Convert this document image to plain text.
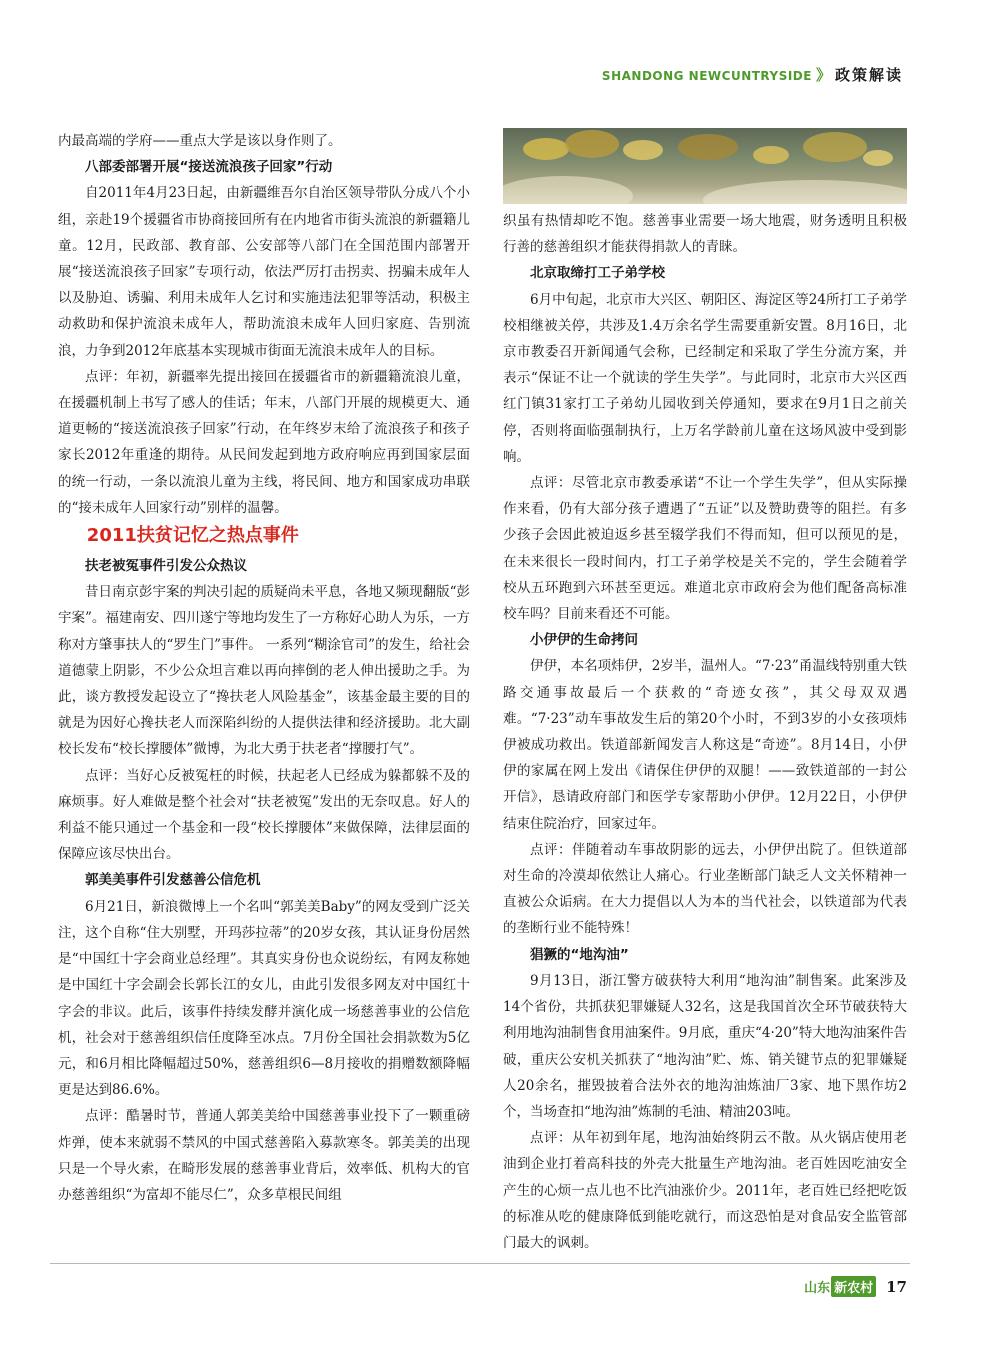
SHANDONG NEWCUNTRYSIDE 》 政策解读

内最高端的学府——重点大学是该以身作则了。

八部委部署开展“接送流浪孩子回家”行动

自2011年4月23日起，由新疆维吾尔自治区领导带队分成八个小组，亲赴19个援疆省市协商接回所有在内地省市街头流浪的新疆籍儿童。12月，民政部、教育部、公安部等八部门在全国范围内部署开展“接送流浪孩子回家”专项行动，依法严厉打击拐卖、拐骗未成年人以及胁迫、诱骗、利用未成年人乞讨和实施违法犯罪等活动，积极主动救助和保护流浪未成年人，帮助流浪未成年人回归家庭、告别流浪，力争到2012年底基本实现城市街面无流浪未成年人的目标。

点评：年初，新疆率先提出接回在援疆省市的新疆籍流浪儿童，在援疆机制上书写了感人的佳话；年末，八部门开展的规模更大、通道更畅的“接送流浪孩子回家”行动，在年终岁末给了流浪孩子和孩子家长2012年重逢的期待。从民间发起到地方政府响应再到国家层面的统一行动，一条以流浪儿童为主线，将民间、地方和国家成功串联的“接未成年人回家行动”别样的温馨。

2011扶贫记忆之热点事件
扶老被冤事件引发公众热议

昔日南京彭宇案的判决引起的质疑尚未平息，各地又频现翻版“彭宇案”。福建南安、四川遂宁等地均发生了一方称好心助人为乐，一方称对方肇事扶人的“罗生门”事件。 一系列“糊涂官司”的发生，给社会道德蒙上阴影，不少公众坦言难以再向摔倒的老人伸出援助之手。为此，谈方教授发起设立了“搀扶老人风险基金”，该基金最主要的目的就是为因好心搀扶老人而深陷纠纷的人提供法律和经济援助。北大副校长发布“校长撑腰体”微博，为北大勇于扶老者“撑腰打气”。

点评：当好心反被冤枉的时候，扶起老人已经成为躲都躲不及的麻烦事。好人难做是整个社会对“扶老被冤”发出的无奈叹息。好人的利益不能只通过一个基金和一段“校长撑腰体”来做保障，法律层面的保障应该尽快出台。

郭美美事件引发慈善公信危机

6月21日，新浪微博上一个名叫“郭美美Baby”的网友受到广泛关注，这个自称“住大别墅，开玛莎拉蒂”的20岁女孩，其认证身份居然是“中国红十字会商业总经理”。其真实身份也众说纷纭，有网友称她是中国红十字会副会长郭长江的女儿，由此引发很多网友对中国红十字会的非议。此后，该事件持续发酵并演化成一场慈善事业的公信危机，社会对于慈善组织信任度降至冰点。7月份全国社会捐款数为5亿元，和6月相比降幅超过50%，慈善组织6—8月接收的捐赠数额降幅更是达到86.6%。

点评：酷暑时节，普通人郭美美给中国慈善事业投下了一颗重磅炸弹，使本来就弱不禁风的中国式慈善陷入募款寒冬。郭美美的出现只是一个导火索，在畸形发展的慈善事业背后，效率低、机构大的官办慈善组织“为富却不能尽仁”，众多草根民间组

织虽有热情却吃不饱。慈善事业需要一场大地震，财务透明且积极行善的慈善组织才能获得捐款人的青睐。

北京取缔打工子弟学校

6月中旬起，北京市大兴区、朝阳区、海淀区等24所打工子弟学校相继被关停，共涉及1.4万余名学生需要重新安置。8月16日，北京市教委召开新闻通气会称，已经制定和采取了学生分流方案，并表示“保证不让一个就读的学生失学”。与此同时，北京市大兴区西红门镇31家打工子弟幼儿园收到关停通知，要求在9月1日之前关停，否则将面临强制执行，上万名学龄前儿童在这场风波中受到影响。

点评：尽管北京市教委承诺“不让一个学生失学”，但从实际操作来看，仍有大部分孩子遭遇了“五证”以及赞助费等的阻拦。有多少孩子会因此被迫返乡甚至辍学我们不得而知，但可以预见的是，在未来很长一段时间内，打工子弟学校是关不完的，学生会随着学校从五环跑到六环甚至更远。难道北京市政府会为他们配备高标准校车吗？目前来看还不可能。

小伊伊的生命拷问

伊伊，本名项炜伊，2岁半，温州人。“7·23”甬温线特别重大铁路交通事故最后一个获救的“奇迹女孩”，其父母双双遇难。“7·23”动车事故发生后的第20个小时，不到3岁的小女孩项炜伊被成功救出。铁道部新闻发言人称这是“奇迹”。8月14日，小伊伊的家属在网上发出《请保住伊伊的双腿！——致铁道部的一封公开信》，恳请政府部门和医学专家帮助小伊伊。12月22日，小伊伊结束住院治疗，回家过年。

点评：伴随着动车事故阴影的远去，小伊伊出院了。但铁道部对生命的冷漠却依然让人痛心。行业垄断部门缺乏人文关怀精神一直被公众诟病。在大力提倡以人为本的当代社会，以铁道部为代表的垄断行业不能特殊！

猖獗的“地沟油”

9月13日，浙江警方破获特大利用“地沟油”制售案。此案涉及14个省份，共抓获犯罪嫌疑人32名，这是我国首次全环节破获特大利用地沟油制售食用油案件。9月底，重庆“4·20”特大地沟油案件告破，重庆公安机关抓获了“地沟油”贮、炼、销关键节点的犯罪嫌疑人20余名，摧毁披着合法外衣的地沟油炼油厂3家、地下黑作坊2个，当场查扣“地沟油”炼制的毛油、精油203吨。

点评：从年初到年尾，地沟油始终阴云不散。从火锅店使用老油到企业打着高科技的外壳大批量生产地沟油。老百姓因吃油安全产生的心烦一点儿也不比汽油涨价少。2011年，老百姓已经把吃饭的标准从吃的健康降低到能吃就行，而这恐怕是对食品安全监管部门最大的讽刺。

山东 新农村 17
